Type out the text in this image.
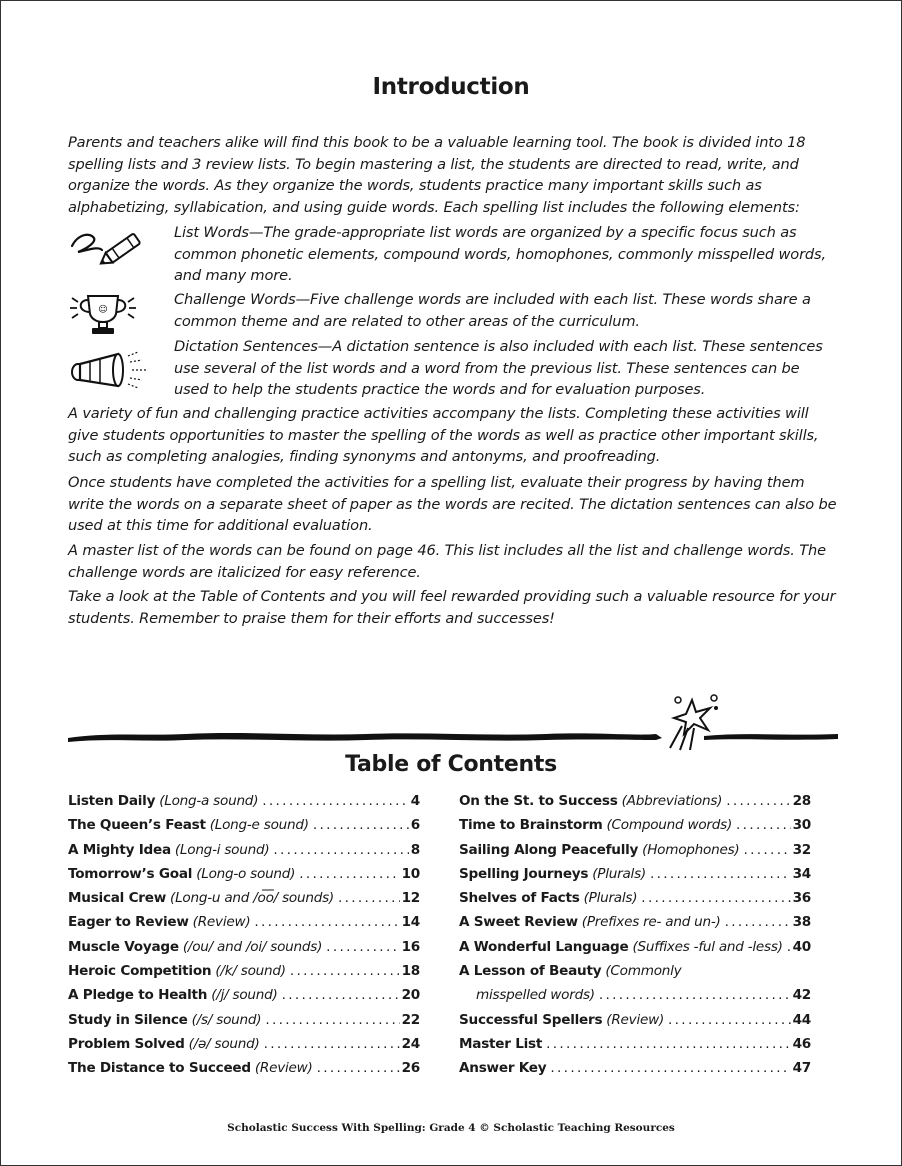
Introduction

Parents and teachers alike will find this book to be a valuable learning tool. The book is divided into 18 spelling lists and 3 review lists. To begin mastering a list, the students are directed to read, write, and organize the words. As they organize the words, students practice many important skills such as alphabetizing, syllabication, and using guide words. Each spelling list includes the following elements:

List Words—The grade-appropriate list words are organized by a specific focus such as common phonetic elements, compound words, homophones, commonly misspelled words, and many more.
☺
Challenge Words—Five challenge words are included with each list. These words share a common theme and are related to other areas of the curriculum.
Dictation Sentences—A dictation sentence is also included with each list. These sentences use several of the list words and a word from the previous list. These sentences can be used to help the students practice the words and for evaluation purposes.

A variety of fun and challenging practice activities accompany the lists. Completing these activities will give students opportunities to master the spelling of the words as well as practice other important skills, such as completing analogies, finding synonyms and antonyms, and proofreading.

Once students have completed the activities for a spelling list, evaluate their progress by having them write the words on a separate sheet of paper as the words are recited. The dictation sentences can also be used at this time for additional evaluation.

A master list of the words can be found on page 46. This list includes all the list and challenge words. The challenge words are italicized for easy reference.

Take a look at the Table of Contents and you will feel rewarded providing such a valuable resource for your students. Remember to praise them for their efforts and successes!

Table of Contents
Listen Daily (Long-a sound) . . .	4
The Queen’s Feast (Long-e sound) . . .	6
A Mighty Idea (Long-i sound) . . .	8
Tomorrow’s Goal (Long-o sound) . . .	10
Musical Crew (Long-u and /o͞o/ sounds) . . .	12
Eager to Review (Review) . . .	14
Muscle Voyage (/ou/ and /oi/ sounds) . . .	16
Heroic Competition (/k/ sound) . . .	18
A Pledge to Health (/j/ sound) . . .	20
Study in Silence (/s/ sound) . . .	22
Problem Solved (/ə/ sound) . . .	24
The Distance to Succeed (Review) . . .	26
On the St. to Success (Abbreviations) . . .	28
Time to Brainstorm (Compound words) . . .	30
Sailing Along Peacefully (Homophones) . . .	32
Spelling Journeys (Plurals) . . .	34
Shelves of Facts (Plurals) . . .	36
A Sweet Review (Prefixes re- and un-) . . .	38
A Wonderful Language (Suffixes -ful and -less) . . . 40
A Lesson of Beauty (Commonly
misspelled words) . . .	42
Successful Spellers (Review) . . .	44
Master List . . .	46
Answer Key . . .	47
Scholastic Success With Spelling: Grade 4 © Scholastic Teaching Resources
